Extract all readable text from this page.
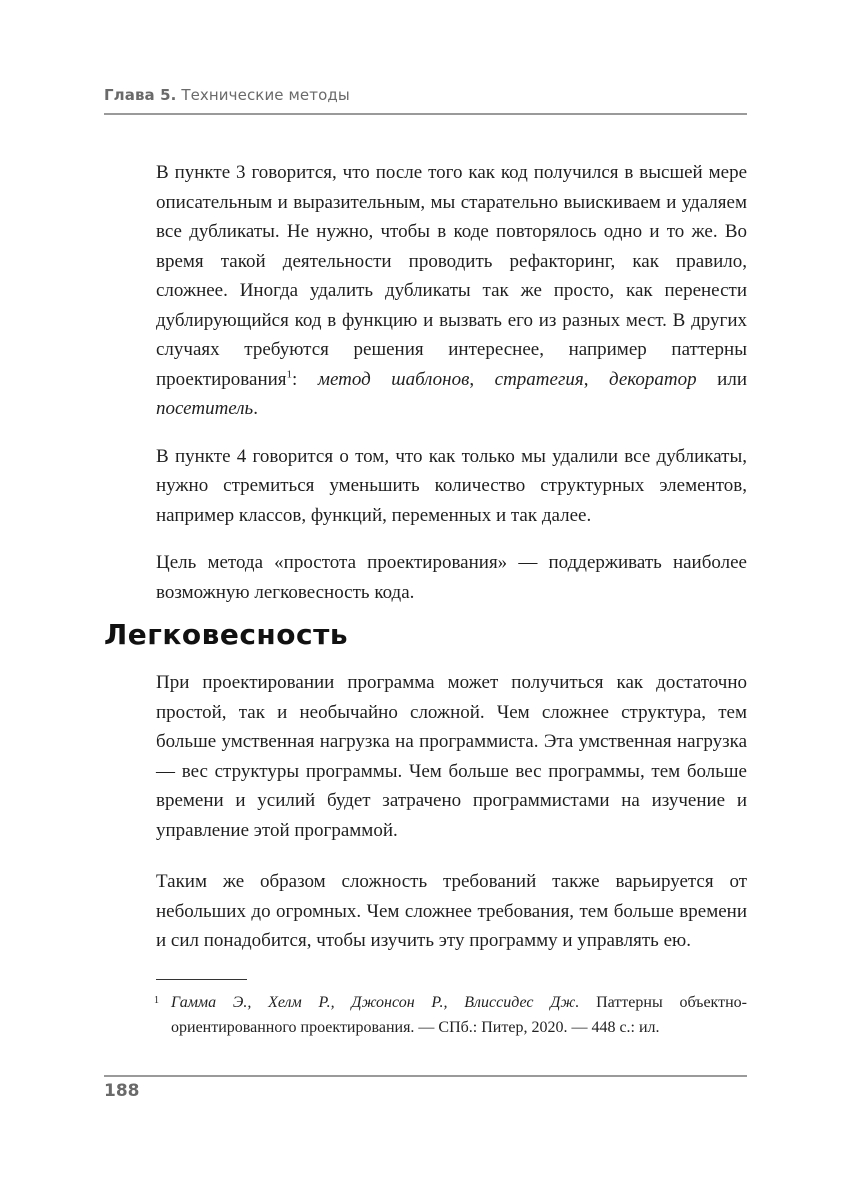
Глава 5. Технические методы

В пункте 3 говорится, что после того как код получился в высшей мере описательным и выразительным, мы старательно выискиваем и удаляем все дубликаты. Не нужно, чтобы в коде повторялось одно и то же. Во время такой деятельности проводить рефакторинг, как правило, сложнее. Иногда удалить дубликаты так же просто, как перенести дублирующийся код в функцию и вызвать его из разных мест. В других случаях требуются решения интереснее, например паттерны проектирования$^1$: метод шаблонов, стратегия, декоратор или посетитель.

В пункте 4 говорится о том, что как только мы удалили все дубликаты, нужно стремиться уменьшить количество структурных элементов, например классов, функций, переменных и так далее.

Цель метода «простота проектирования» — поддерживать наиболее возможную легковесность кода.

Легковесность

При проектировании программа может получиться как достаточно простой, так и необычайно сложной. Чем сложнее структура, тем больше умственная нагрузка на программиста. Эта умственная нагрузка — вес структуры программы. Чем больше вес программы, тем больше времени и усилий будет затрачено программистами на изучение и управление этой программой.

Таким же образом сложность требований также варьируется от небольших до огромных. Чем сложнее требования, тем больше времени и сил понадобится, чтобы изучить эту программу и управлять ею.

1 Гамма Э., Хелм Р., Джонсон Р., Влиссидес Дж. Паттерны объектно-ориентированного проектирования. — СПб.: Питер, 2020. — 448 с.: ил.
188
